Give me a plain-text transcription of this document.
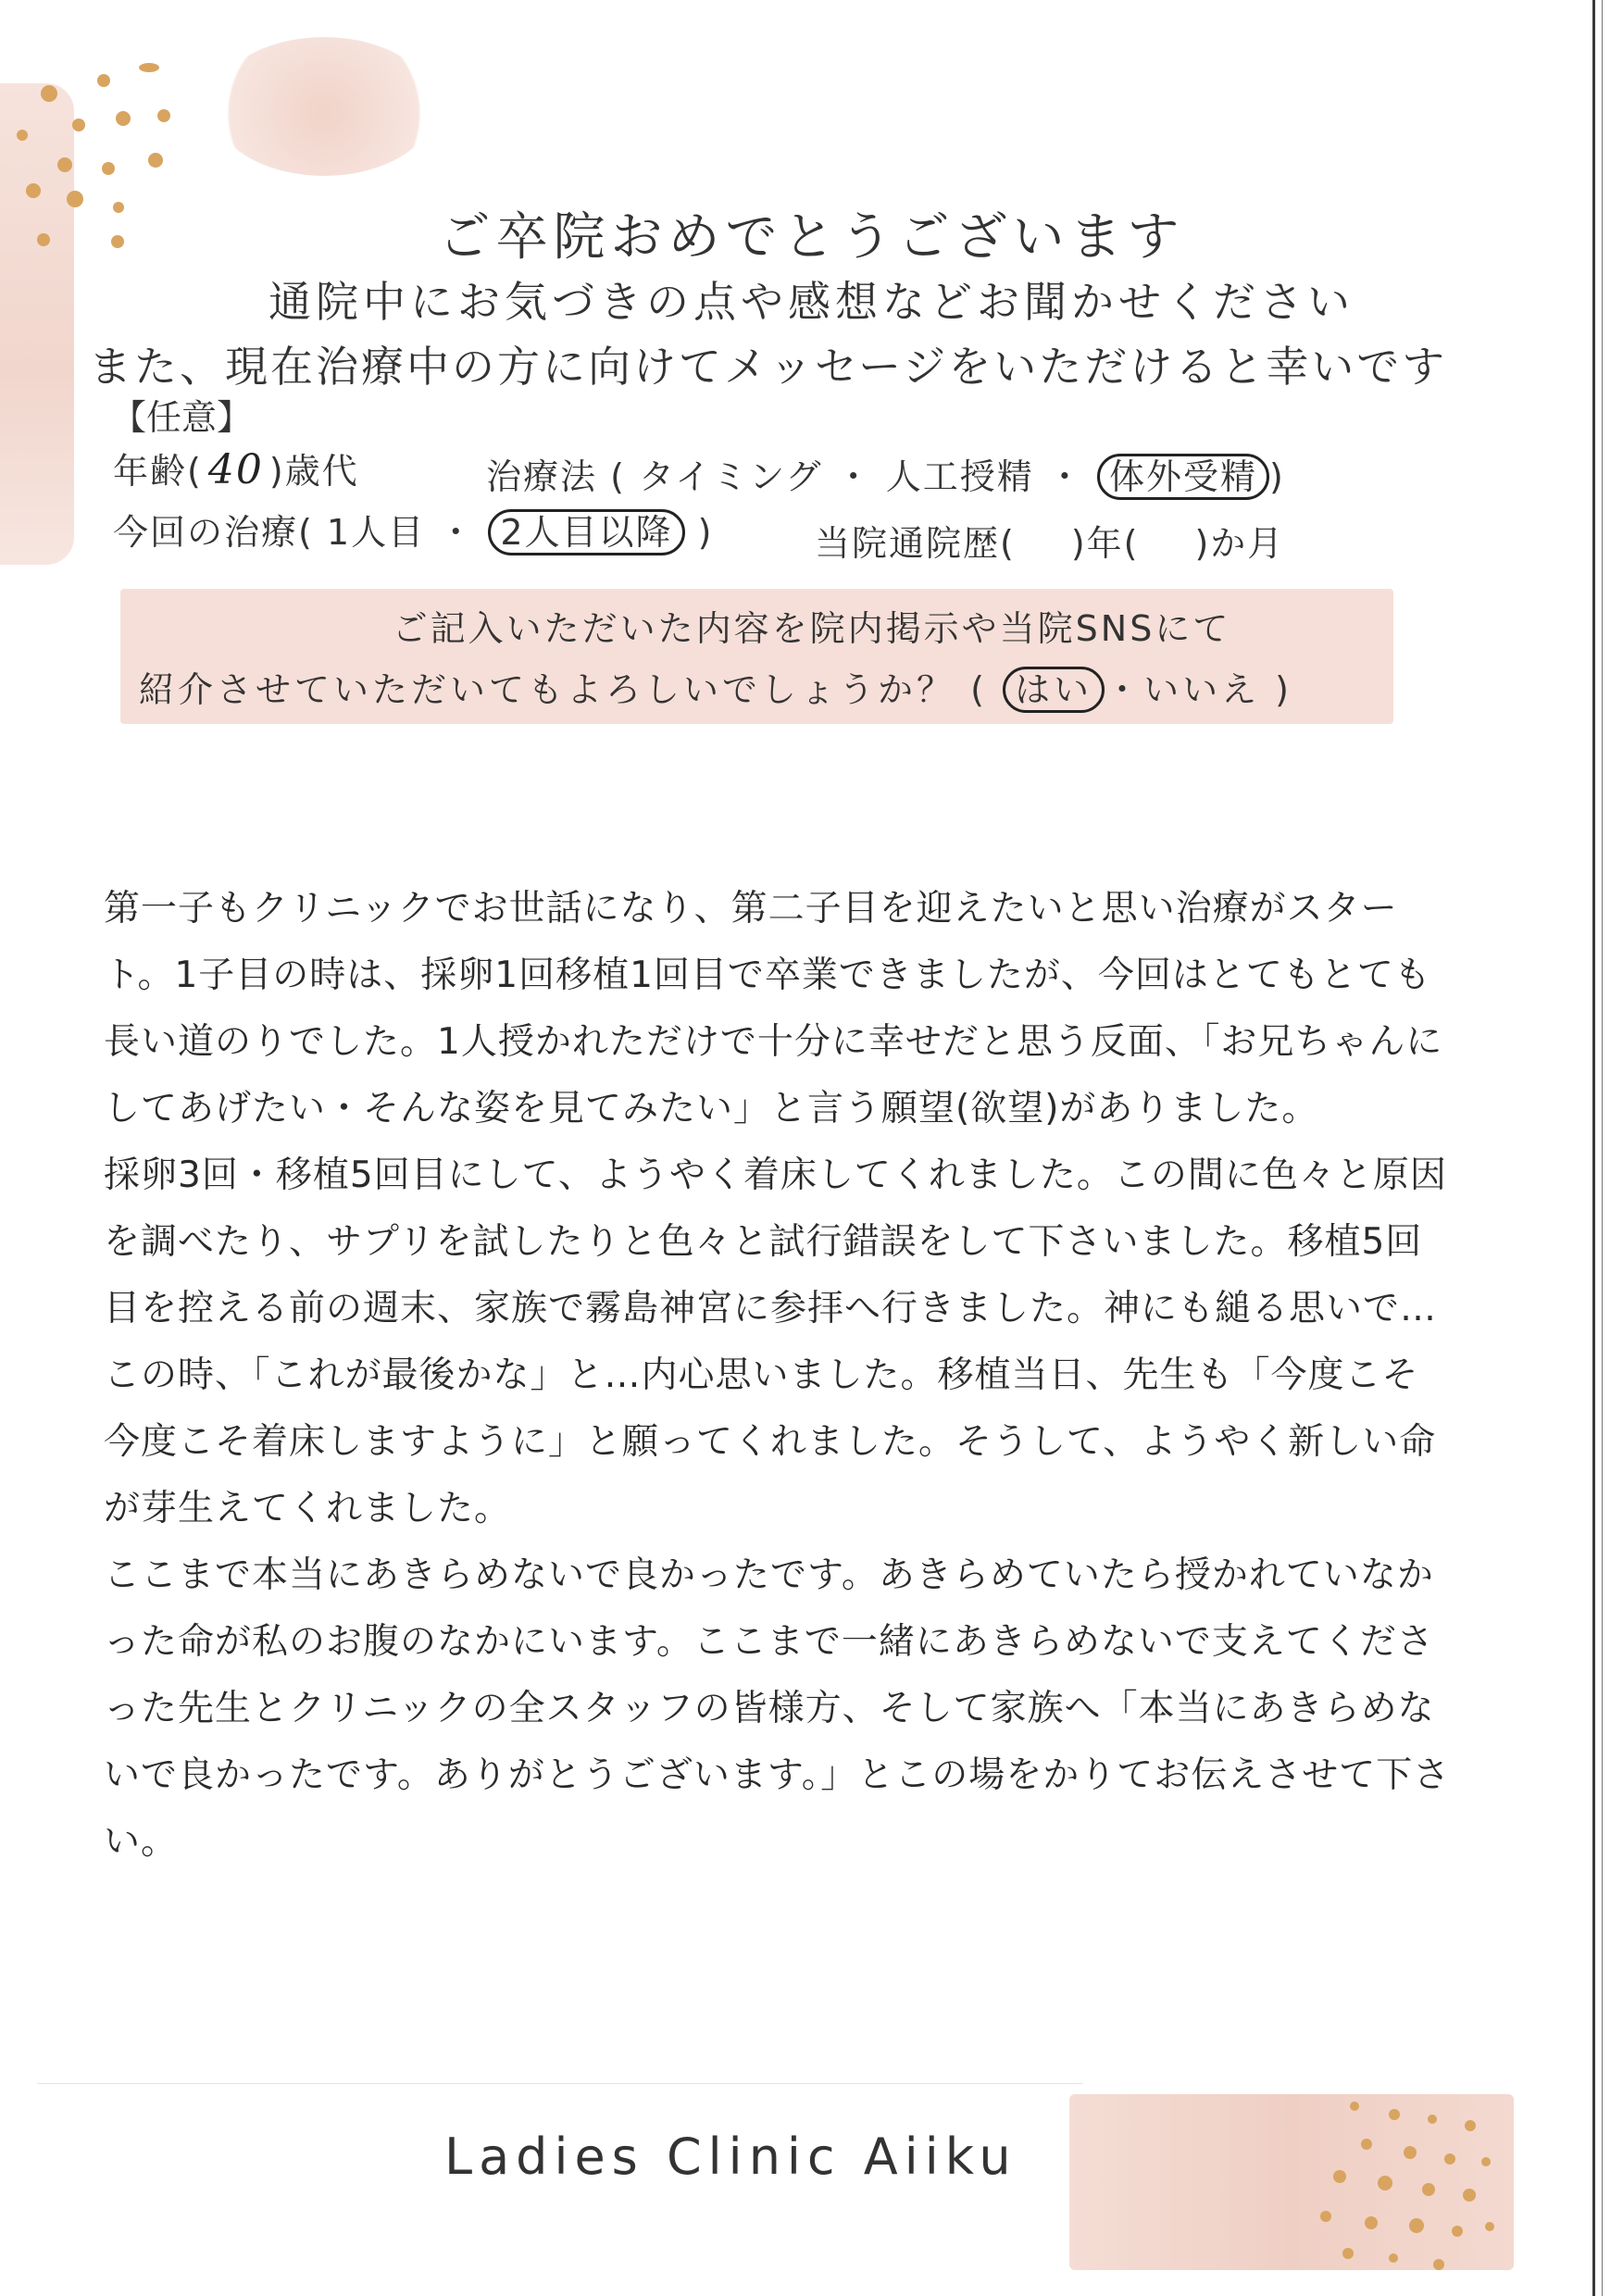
ご卒院おめでとうございます
通院中にお気づきの点や感想などお聞かせください
また、現在治療中の方に向けてメッセージをいただけると幸いです
【任意】
年齢( 40 )歳代	治療法 ( タイミング ・ 人工授精 ・ 体外受精 )
今回の治療( 1人目 ・ 2人目以降 )	当院通院歴( )年( )か月
ご記入いただいた内容を院内掲示や当院SNSにて
紹介させていただいてもよろしいでしょうか？ ( はい ・いいえ )

第一子もクリニックでお世話になり、第二子目を迎えたいと思い治療がスタート。1子目の時は、採卵1回移植1回目で卒業できましたが、今回はとてもとても長い道のりでした。1人授かれただけで十分に幸せだと思う反面、「お兄ちゃんにしてあげたい・そんな姿を見てみたい」と言う願望(欲望)がありました。

採卵3回・移植5回目にして、ようやく着床してくれました。この間に色々と原因を調べたり、サプリを試したりと色々と試行錯誤をして下さいました。移植5回目を控える前の週末、家族で霧島神宮に参拝へ行きました。神にも縋る思いで…この時、「これが最後かな」と…内心思いました。移植当日、先生も「今度こそ今度こそ着床しますように」と願ってくれました。そうして、ようやく新しい命が芽生えてくれました。

ここまで本当にあきらめないで良かったです。あきらめていたら授かれていなかった命が私のお腹のなかにいます。ここまで一緒にあきらめないで支えてくださった先生とクリニックの全スタッフの皆様方、そして家族へ「本当にあきらめないで良かったです。ありがとうございます。」とこの場をかりてお伝えさせて下さい。

Ladies Clinic Aiiku
